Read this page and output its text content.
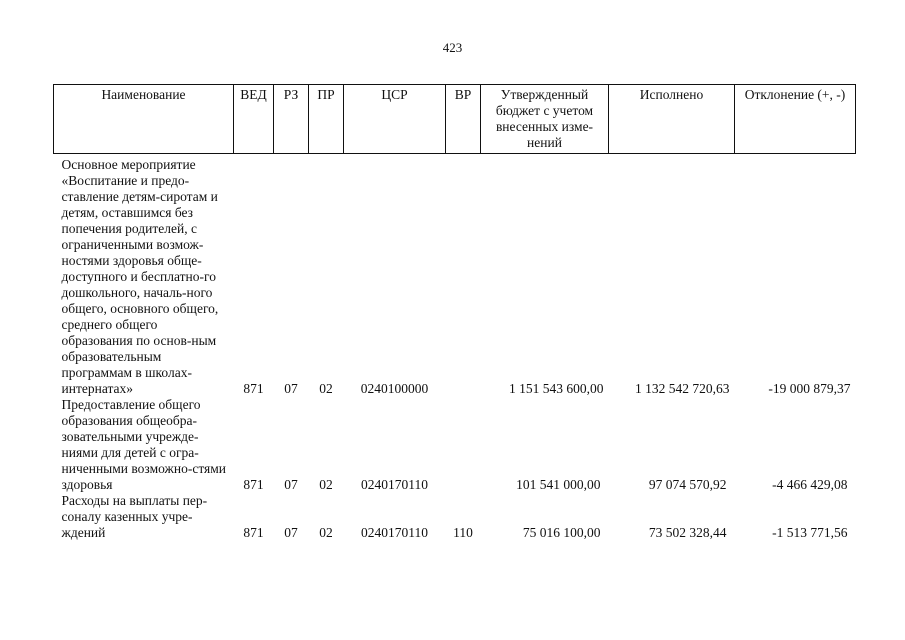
423
Наименование	ВЕД	РЗ	ПР	ЦСР	ВР	Утвержденный бюджет с учетом внесенных изме-нений	Исполнено	Отклонение (+, -)
Основное мероприятие «Воспитание и предо-ставление детям-сиротам и детям, оставшимся без попечения родителей, с ограниченными возмож-ностями здоровья обще-доступного и бесплатно-го дошкольного, началь-ного общего, основного общего, среднего общего образования по основ-ным образовательным программам в школах-интернатах»	871	07	02	0240100000		1 151 543 600,00	1 132 542 720,63	-19 000 879,37
Предоставление общего образования общеобра-зовательными учрежде-ниями для детей с огра-ниченными возможно-стями здоровья	871	07	02	0240170110		101 541 000,00	97 074 570,92	-4 466 429,08
Расходы на выплаты пер-соналу казенных учре-ждений	871	07	02	0240170110	110	75 016 100,00	73 502 328,44	-1 513 771,56
